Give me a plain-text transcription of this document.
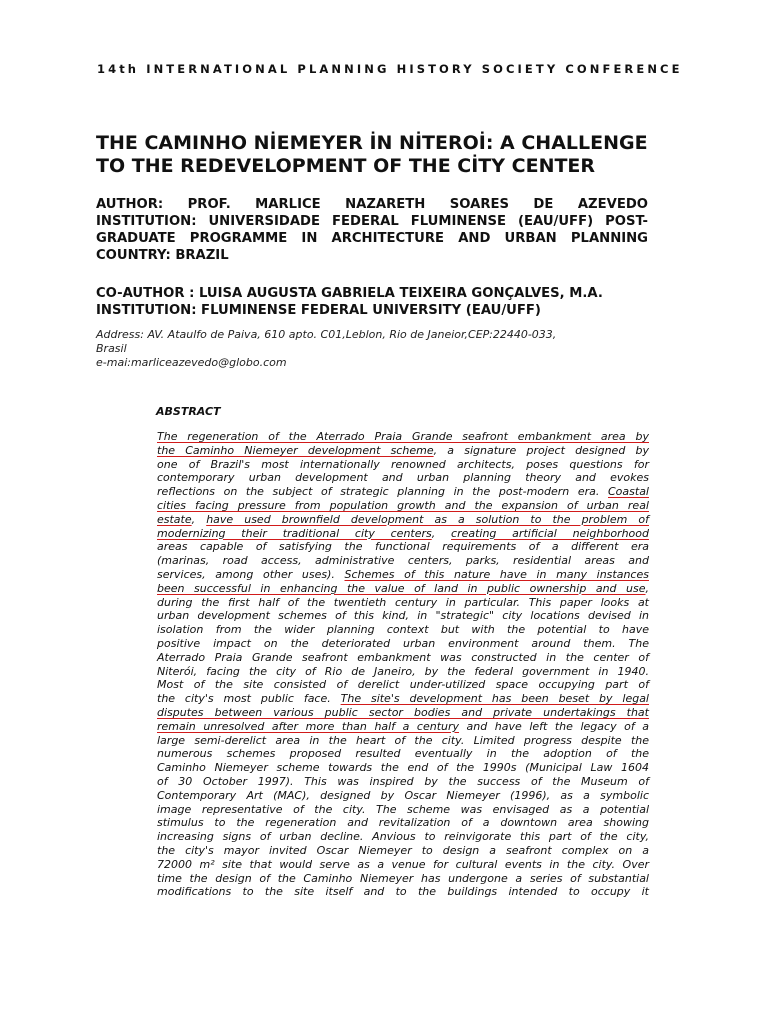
14th INTERNATIONAL PLANNING HISTORY SOCIETY CONFERENCE
THE CAMINHO NİEMEYER İN NİTEROİ: A CHALLENGE
TO THE REDEVELOPMENT OF THE CİTY CENTER
AUTHOR: PROF. MARLICE NAZARETH SOARES DE AZEVEDO
INSTITUTION: UNIVERSIDADE FEDERAL FLUMINENSE (EAU/UFF) POST-
GRADUATE PROGRAMME IN ARCHITECTURE AND URBAN PLANNING
COUNTRY: BRAZIL
CO-AUTHOR : LUISA AUGUSTA GABRIELA TEIXEIRA GONÇALVES, M.A.
INSTITUTION: FLUMINENSE FEDERAL UNIVERSITY (EAU/UFF)
Address: AV. Ataulfo de Paiva, 610 apto. C01,Leblon, Rio de Janeior,CEP:22440-033,
Brasil
e-mai:marliceazevedo@globo.com
ABSTRACT
The regeneration of the Aterrado Praia Grande seafront embankment area by
the Caminho Niemeyer development scheme, a signature project designed by
one of Brazil's most internationally renowned architects, poses questions for
contemporary urban development and urban planning theory and evokes
reflections on the subject of strategic planning in the post-modern era. Coastal
cities facing pressure from population growth and the expansion of urban real
estate, have used brownfield development as a solution to the problem of
modernizing their traditional city centers, creating artificial neighborhood
areas capable of satisfying the functional requirements of a different era
(marinas, road access, administrative centers, parks, residential areas and
services, among other uses). Schemes of this nature have in many instances
been successful in enhancing the value of land in public ownership and use,
during the first half of the twentieth century in particular. This paper looks at
urban development schemes of this kind, in "strategic" city locations devised in
isolation from the wider planning context but with the potential to have
positive impact on the deteriorated urban environment around them. The
Aterrado Praia Grande seafront embankment was constructed in the center of
Niterói, facing the city of Rio de Janeiro, by the federal government in 1940.
Most of the site consisted of derelict under-utilized space occupying part of
the city's most public face. The site's development has been beset by legal
disputes between various public sector bodies and private undertakings that
remain unresolved after more than half a century and have left the legacy of a
large semi-derelict area in the heart of the city. Limited progress despite the
numerous schemes proposed resulted eventually in the adoption of the
Caminho Niemeyer scheme towards the end of the 1990s (Municipal Law 1604
of 30 October 1997). This was inspired by the success of the Museum of
Contemporary Art (MAC), designed by Oscar Niemeyer (1996), as a symbolic
image representative of the city. The scheme was envisaged as a potential
stimulus to the regeneration and revitalization of a downtown area showing
increasing signs of urban decline. Anvious to reinvigorate this part of the city,
the city's mayor invited Oscar Niemeyer to design a seafront complex on a
72000 m² site that would serve as a venue for cultural events in the city. Over
time the design of the Caminho Niemeyer has undergone a series of substantial
modifications to the site itself and to the buildings intended to occupy it
